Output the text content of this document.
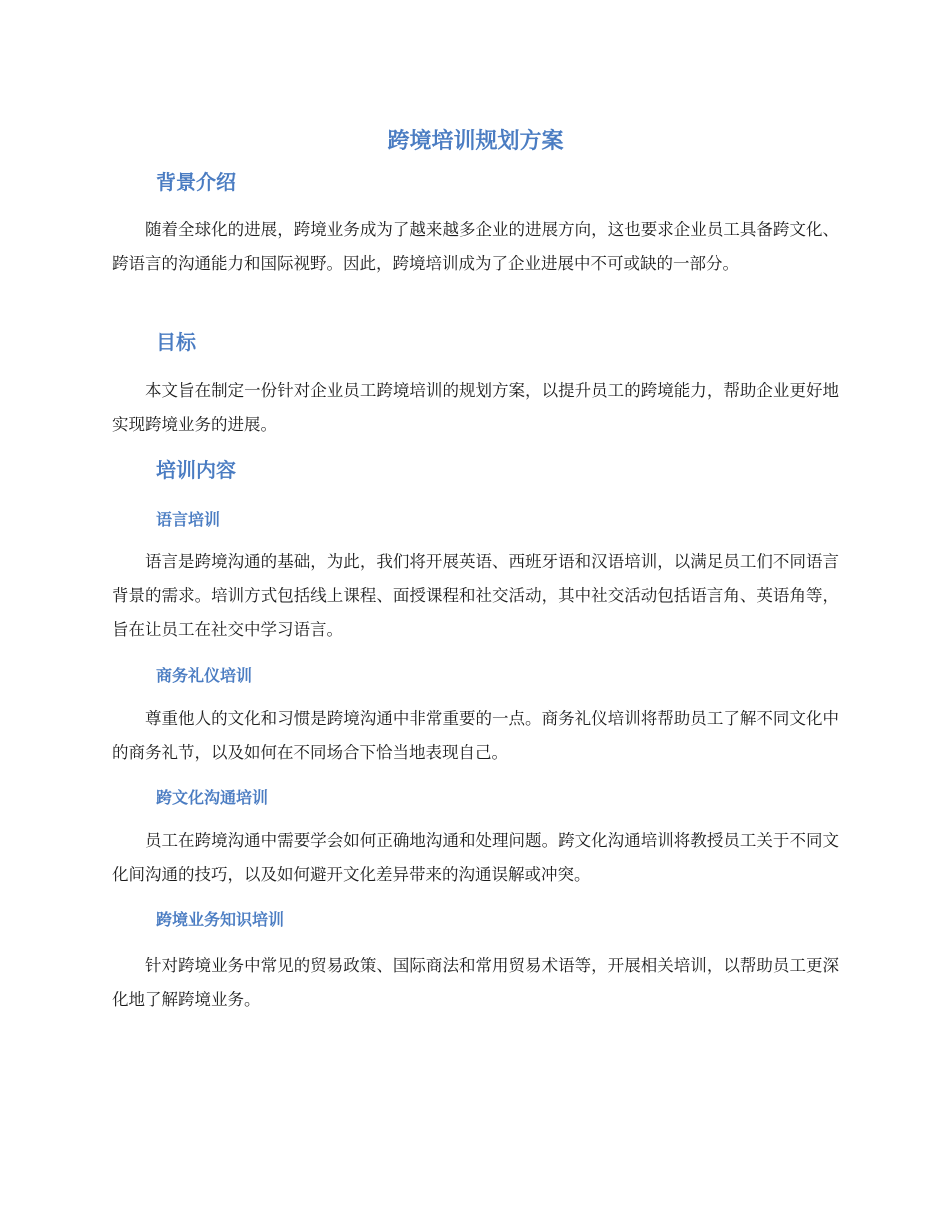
跨境培训规划方案
背景介绍

随着全球化的进展，跨境业务成为了越来越多企业的进展方向，这也要求企业员工具备跨文化、跨语言的沟通能力和国际视野。因此，跨境培训成为了企业进展中不可或缺的一部分。

目标

本文旨在制定一份针对企业员工跨境培训的规划方案，以提升员工的跨境能力，帮助企业更好地实现跨境业务的进展。

培训内容
语言培训

语言是跨境沟通的基础，为此，我们将开展英语、西班牙语和汉语培训，以满足员工们不同语言背景的需求。培训方式包括线上课程、面授课程和社交活动，其中社交活动包括语言角、英语角等，旨在让员工在社交中学习语言。

商务礼仪培训

尊重他人的文化和习惯是跨境沟通中非常重要的一点。商务礼仪培训将帮助员工了解不同文化中的商务礼节，以及如何在不同场合下恰当地表现自己。

跨文化沟通培训

员工在跨境沟通中需要学会如何正确地沟通和处理问题。跨文化沟通培训将教授员工关于不同文化间沟通的技巧，以及如何避开文化差异带来的沟通误解或冲突。

跨境业务知识培训

针对跨境业务中常见的贸易政策、国际商法和常用贸易术语等，开展相关培训，以帮助员工更深化地了解跨境业务。
